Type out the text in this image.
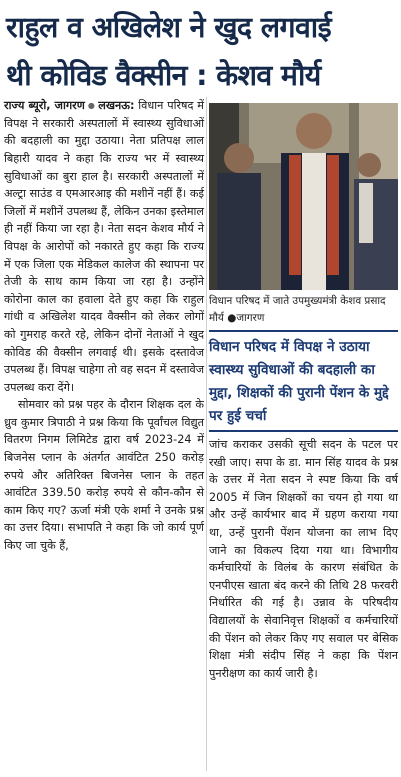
राहुल व अखिलेश ने खुद लगवाई
थी कोविड वैक्सीन : केशव मौर्य

राज्य ब्यूरो, जागरण ● लखनऊ: विधान परिषद में विपक्ष ने सरकारी अस्पतालों में स्वास्थ्य सुविधाओं की बदहाली का मुद्दा उठाया। नेता प्रतिपक्ष लाल बिहारी यादव ने कहा कि राज्य भर में स्वास्थ्य सुविधाओं का बुरा हाल है। सरकारी अस्पतालों में अल्ट्रा साउंड व एमआरआइ की मशीनें नहीं हैं। कई जिलों में मशीनें उपलब्ध हैं, लेकिन उनका इस्तेमाल ही नहीं किया जा रहा है। नेता सदन केशव मौर्य ने विपक्ष के आरोपों को नकारते हुए कहा कि राज्य में एक जिला एक मेडिकल कालेज की स्थापना पर तेजी के साथ काम किया जा रहा है। उन्होंने कोरोना काल का हवाला देते हुए कहा कि राहुल गांधी व अखिलेश यादव वैक्सीन को लेकर लोगों को गुमराह करते रहे, लेकिन दोनों नेताओं ने खुद कोविड की वैक्सीन लगवाई थी। इसके दस्तावेज उपलब्ध हैं। विपक्ष चाहेगा तो वह सदन में दस्तावेज उपलब्ध करा देंगे।

सोमवार को प्रश्न पहर के दौरान शिक्षक दल के ध्रुव कुमार त्रिपाठी ने प्रश्न किया कि पूर्वांचल विद्युत वितरण निगम लिमिटेड द्वारा वर्ष 2023-24 में बिजनेस प्लान के अंतर्गत आवंटित 250 करोड़ रुपये और अतिरिक्त बिजनेस प्लान के तहत आवंटित 339.50 करोड़ रुपये से कौन-कौन से काम किए गए? ऊर्जा मंत्री एके शर्मा ने उनके प्रश्न का उत्तर दिया। सभापति ने कहा कि जो कार्य पूर्ण किए जा चुके हैं,

विधान परिषद में जाते उपमुख्यमंत्री केशव प्रसाद मौर्य ●जागरण
विधान परिषद में विपक्ष ने उठाया स्वास्थ्य सुविधाओं की बदहाली का मुद्दा, शिक्षकों की पुरानी पेंशन के मुद्दे पर हुई चर्चा

जांच कराकर उसकी सूची सदन के पटल पर रखी जाए। सपा के डा. मान सिंह यादव के प्रश्न के उत्तर में नेता सदन ने स्पष्ट किया कि वर्ष 2005 में जिन शिक्षकों का चयन हो गया था और उन्हें कार्यभार बाद में ग्रहण कराया गया था, उन्हें पुरानी पेंशन योजना का लाभ दिए जाने का विकल्प दिया गया था। विभागीय कर्मचारियों के विलंब के कारण संबंधित के एनपीएस खाता बंद करने की तिथि 28 फरवरी निर्धारित की गई है। उन्नाव के परिषदीय विद्यालयों के सेवानिवृत्त शिक्षकों व कर्मचारियों की पेंशन को लेकर किए गए सवाल पर बेसिक शिक्षा मंत्री संदीप सिंह ने कहा कि पेंशन पुनरीक्षण का कार्य जारी है।
